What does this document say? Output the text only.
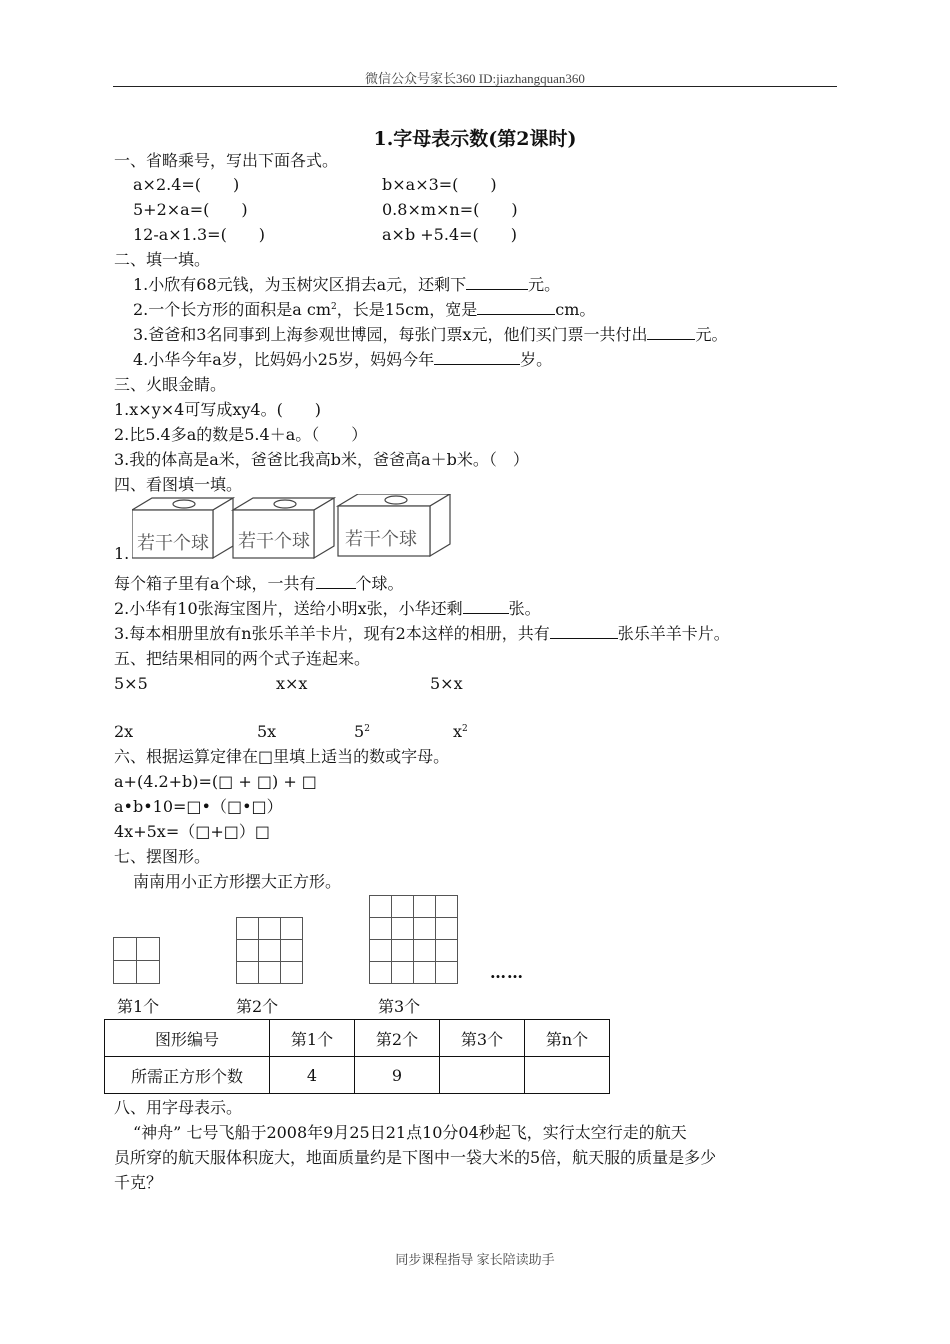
微信公众号家长360 ID:jiazhangquan360
1.字母表示数(第2课时)
一、省略乘号，写出下面各式。
a×2.4=(　　)	b×a×3=(　　)
5+2×a=(　　)	0.8×m×n=(　　)
12-a×1.3=(　　)	a×b +5.4=(　　)
二、填一填。
1.小欣有68元钱，为玉树灾区捐去a元，还剩下	元。
2.一个长方形的面积是a $cm^2$，长是15cm，宽是	cm。
3.爸爸和3名同事到上海参观世博园，每张门票x元，他们买门票一共付出	元。
4.小华今年a岁，比妈妈小25岁，妈妈今年	岁。
三、火眼金睛。
1.x×y×4可写成xy4。(　　)
2.比5.4多a的数是5.4＋a。（　　）
3.我的体高是a米，爸爸比我高b米，爸爸高a＋b米。（　）
四、看图填一填。
若干个球 若干个球 若干个球
1.
每个箱子里有a个球，一共有	个球。
2.小华有10张海宝图片，送给小明x张，小华还剩	张。
3.每本相册里放有n张乐羊羊卡片，现有2本这样的相册，共有	张乐羊羊卡片。
五、把结果相同的两个式子连起来。
5×5	x×x	5×x
2x	5x	$5^2$	$x^2$
六、根据运算定律在□里填上适当的数或字母。
a+(4.2+b)=(□ + □) + □
a•b•10=□•（□•□）
4x+5x=（□+□）□
七、摆图形。
南南用小正方形摆大正方形。
……
第1个	第2个	第3个
图形编号	第1个	第2个	第3个	第n个
所需正方形个数	4	9		
八、用字母表示。
“神舟” 七号飞船于2008年9月25日21点10分04秒起飞，实行太空行走的航天
员所穿的航天服体积庞大，地面质量约是下图中一袋大米的5倍，航天服的质量是多少
千克？
同步课程指导 家长陪读助手
